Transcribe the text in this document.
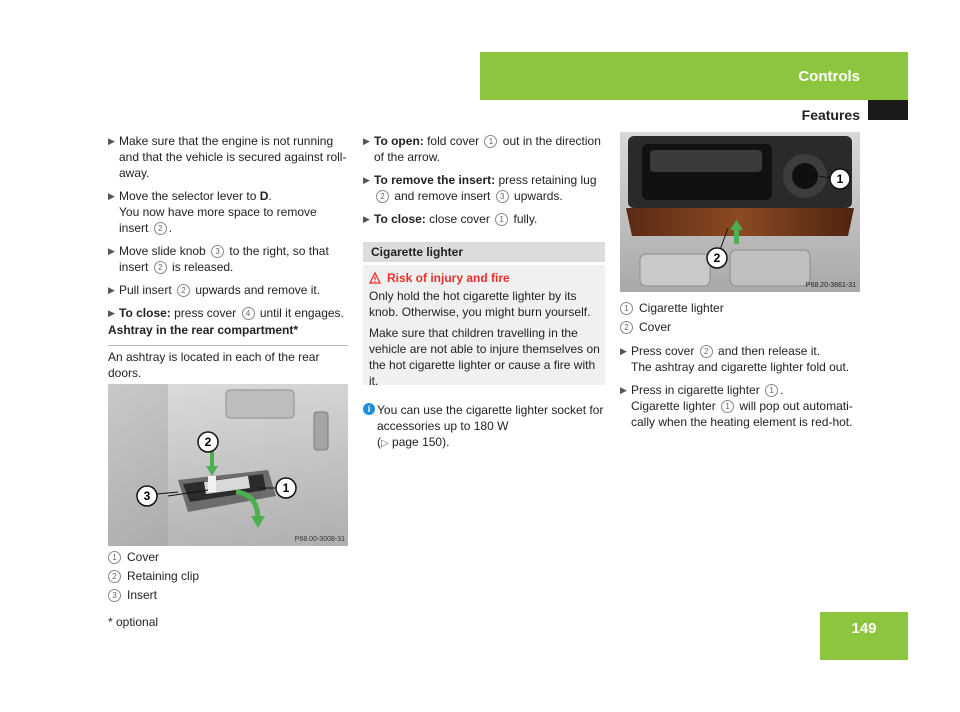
Controls
Features
▶ Make sure that the engine is not running and that the vehicle is secured against roll-away.

▶ Move the selector lever to D.
You now have more space to remove insert 2 .

▶ Move slide knob 3 to the right, so that insert 2 is released.

▶ Pull insert 2 upwards and remove it.

▶ To close: press cover 4 until it engages.

Ashtray in the rear compartment*
An ashtray is located in each of the rear doors.
3
2
1
P68.00-3008-31
1 Cover
2 Retaining clip
3 Insert
▶ To open: fold cover 1 out in the direction of the arrow.

▶ To remove the insert: press retaining lug 2 and remove insert 3 upwards.

▶ To close: close cover 1 fully.

Cigarette lighter
Risk of injury and fire

Only hold the hot cigarette lighter by its knob. Otherwise, you might burn yourself.

Make sure that children travelling in the vehicle are not able to injure themselves on the hot cigarette lighter or cause a fire with it.

i You can use the cigarette lighter socket for accessories up to 180 W
(▷ page 150).
1
2
P68.20-3861-31
1 Cigarette lighter
2 Cover
▶ Press cover 2 and then release it.
The ashtray and cigarette lighter fold out.

▶ Press in cigarette lighter 1 .
Cigarette lighter 1 will pop out automati-cally when the heating element is red-hot.

* optional	149
